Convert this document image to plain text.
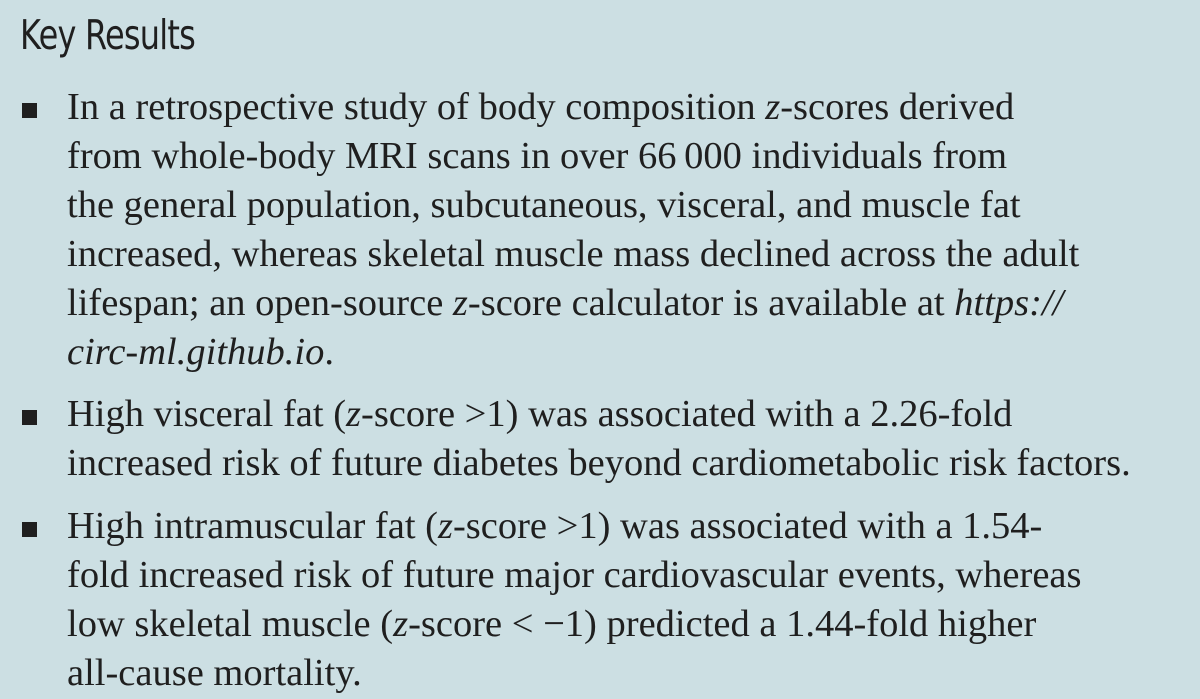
Key Results
In a retrospective study of body composition z-scores derived
from whole-body MRI scans in over 66 000 individuals from
the general population, subcutaneous, visceral, and muscle fat
increased, whereas skeletal muscle mass declined across the adult
lifespan; an open-source z-score calculator is available at https://
circ-ml.github.io.
High visceral fat (z-score >1) was associated with a 2.26-fold
increased risk of future diabetes beyond cardiometabolic risk factors.
High intramuscular fat (z-score >1) was associated with a 1.54-
fold increased risk of future major cardiovascular events, whereas
low skeletal muscle (z-score < −1) predicted a 1.44-fold higher
all-cause mortality.
